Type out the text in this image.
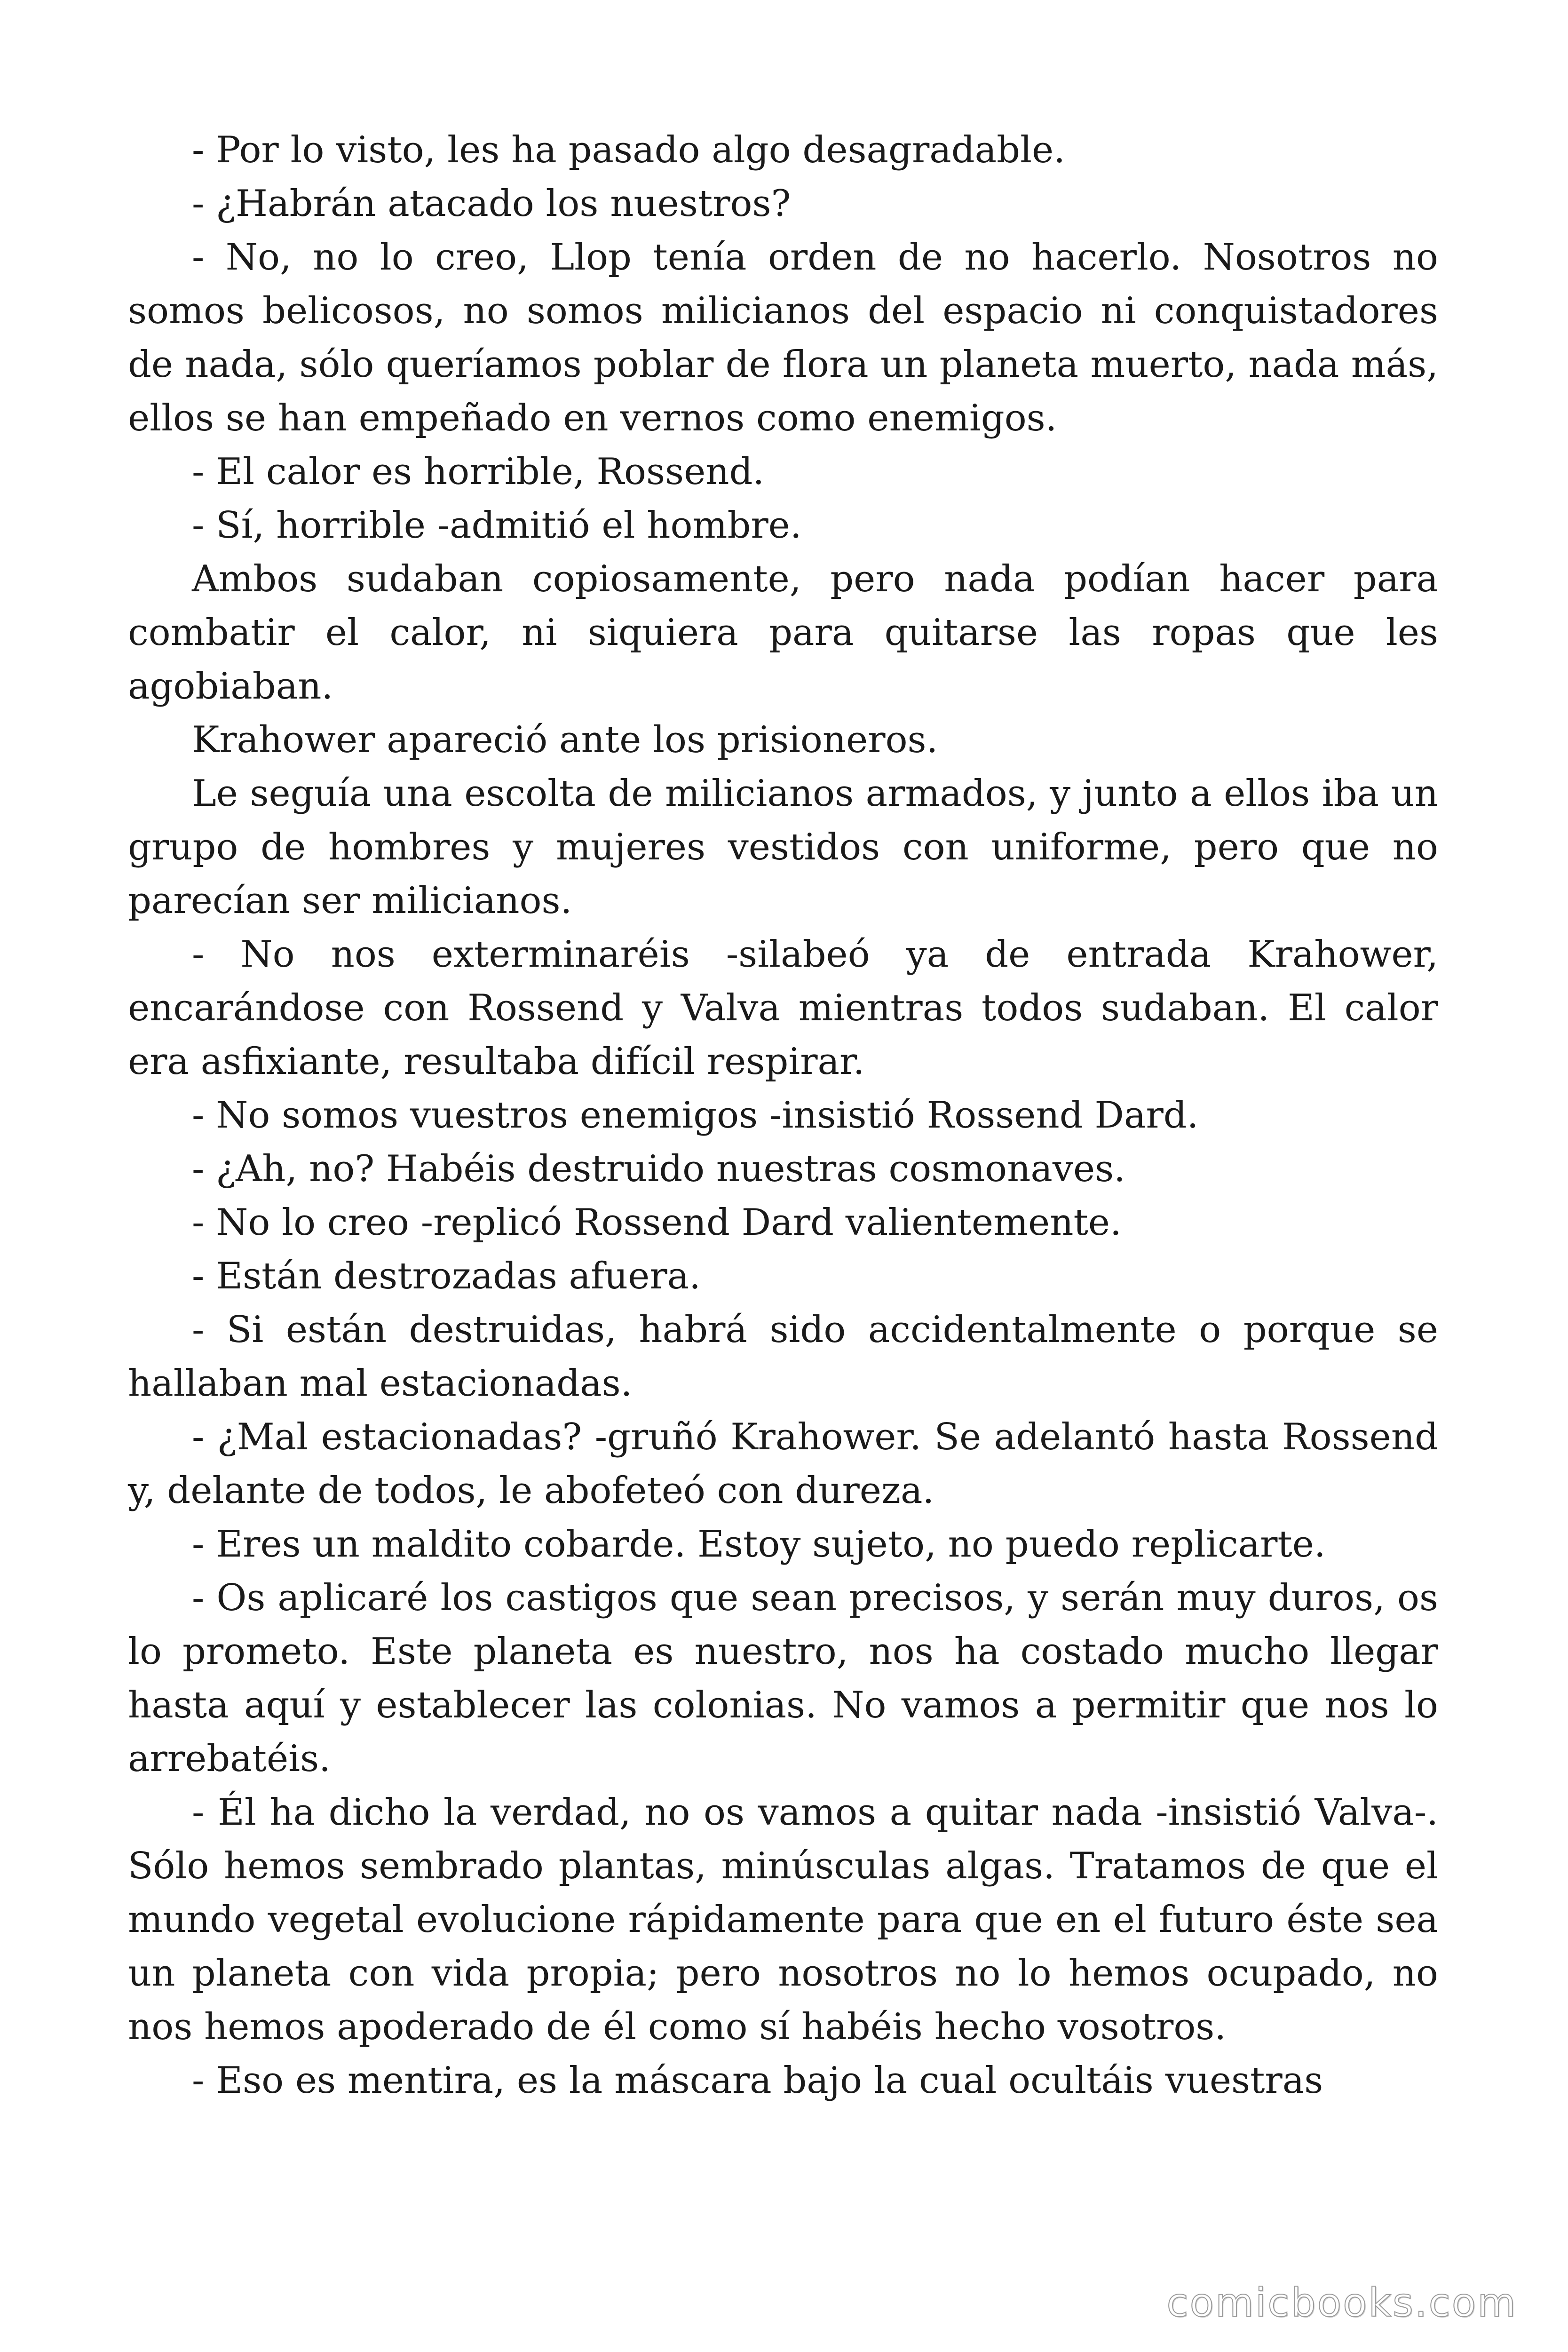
- Por lo visto, les ha pasado algo desagradable.

- ¿Habrán atacado los nuestros?

- No, no lo creo, Llop tenía orden de no hacerlo. Nosotros no somos belicosos, no somos milicianos del espacio ni conquistadores de nada, sólo queríamos poblar de flora un planeta muerto, nada más, ellos se han empeñado en vernos como enemigos.

- El calor es horrible, Rossend.

- Sí, horrible -admitió el hombre.

Ambos sudaban copiosamente, pero nada podían hacer para combatir el calor, ni siquiera para quitarse las ropas que les agobiaban.

Krahower apareció ante los prisioneros.

Le seguía una escolta de milicianos armados, y junto a ellos iba un grupo de hombres y mujeres vestidos con uniforme, pero que no parecían ser milicianos.

- No nos exterminaréis -silabeó ya de entrada Krahower, encarándose con Rossend y Valva mientras todos sudaban. El calor era asfixiante, resultaba difícil respirar.

- No somos vuestros enemigos -insistió Rossend Dard.

- ¿Ah, no? Habéis destruido nuestras cosmonaves.

- No lo creo -replicó Rossend Dard valientemente.

- Están destrozadas afuera.

- Si están destruidas, habrá sido accidentalmente o porque se hallaban mal estacionadas.

- ¿Mal estacionadas? -gruñó Krahower. Se adelantó hasta Rossend y, delante de todos, le abofeteó con dureza.

- Eres un maldito cobarde. Estoy sujeto, no puedo replicarte.

- Os aplicaré los castigos que sean precisos, y serán muy duros, os lo prometo. Este planeta es nuestro, nos ha costado mucho llegar hasta aquí y establecer las colonias. No vamos a permitir que nos lo arrebatéis.

- Él ha dicho la verdad, no os vamos a quitar nada -insistió Valva-. Sólo hemos sembrado plantas, minúsculas algas. Tratamos de que el mundo vegetal evolucione rápidamente para que en el futuro éste sea un planeta con vida propia; pero nosotros no lo hemos ocupado, no nos hemos apoderado de él como sí habéis hecho vosotros.

- Eso es mentira, es la máscara bajo la cual ocultáis vuestras

comicbooks.com
